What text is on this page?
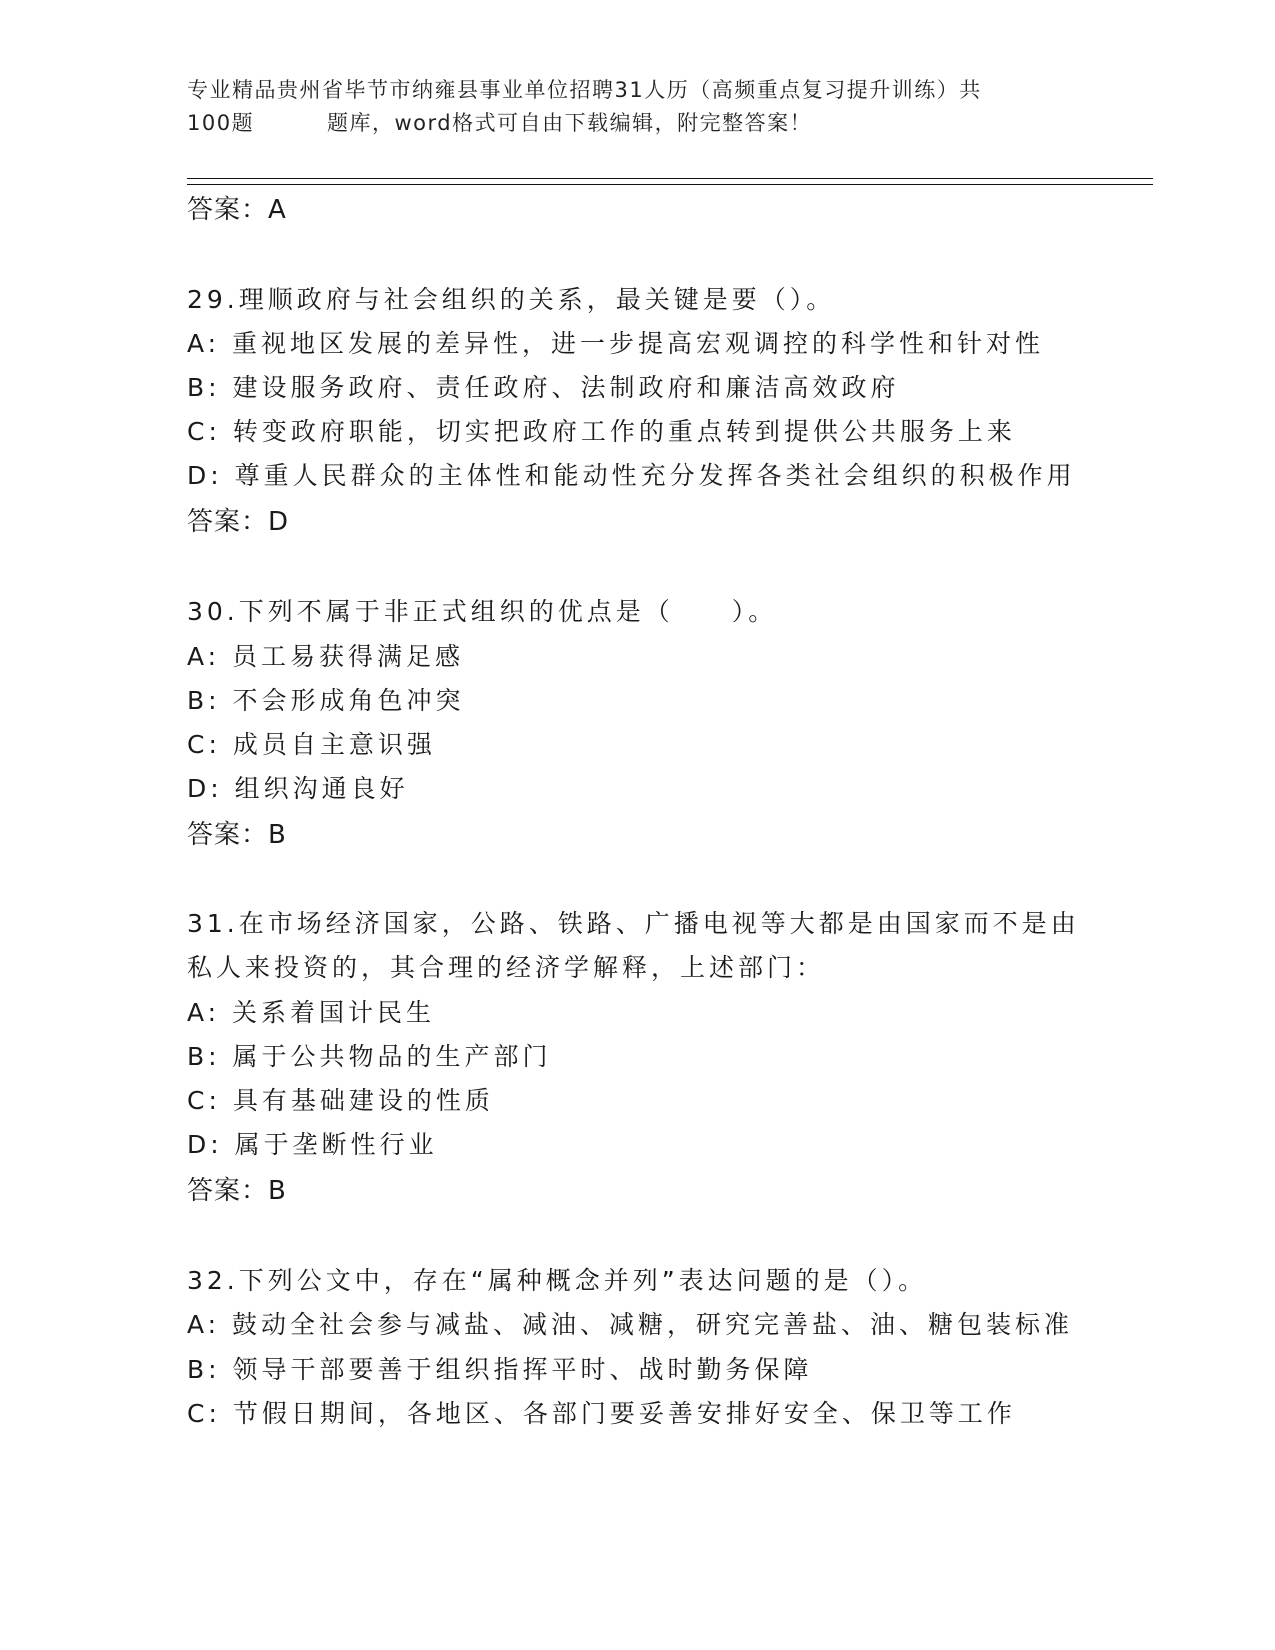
专业精品贵州省毕节市纳雍县事业单位招聘31人历（高频重点复习提升训练）共
100题	题库，word格式可自由下载编辑，附完整答案！
答案：A
29.理顺政府与社会组织的关系，最关键是要（）。
A: 重视地区发展的差异性，进一步提高宏观调控的科学性和针对性
B: 建设服务政府、责任政府、法制政府和廉洁高效政府
C: 转变政府职能，切实把政府工作的重点转到提供公共服务上来
D: 尊重人民群众的主体性和能动性充分发挥各类社会组织的积极作用
答案：D
30.下列不属于非正式组织的优点是（　　）。
A: 员工易获得满足感
B: 不会形成角色冲突
C: 成员自主意识强
D: 组织沟通良好
答案：B
31.在市场经济国家，公路、铁路、广播电视等大都是由国家而不是由
私人来投资的，其合理的经济学解释，上述部门：
A: 关系着国计民生
B: 属于公共物品的生产部门
C: 具有基础建设的性质
D: 属于垄断性行业
答案：B
32.下列公文中，存在“属种概念并列”表达问题的是（）。
A: 鼓动全社会参与减盐、减油、减糖，研究完善盐、油、糖包装标准
B: 领导干部要善于组织指挥平时、战时勤务保障
C: 节假日期间，各地区、各部门要妥善安排好安全、保卫等工作
